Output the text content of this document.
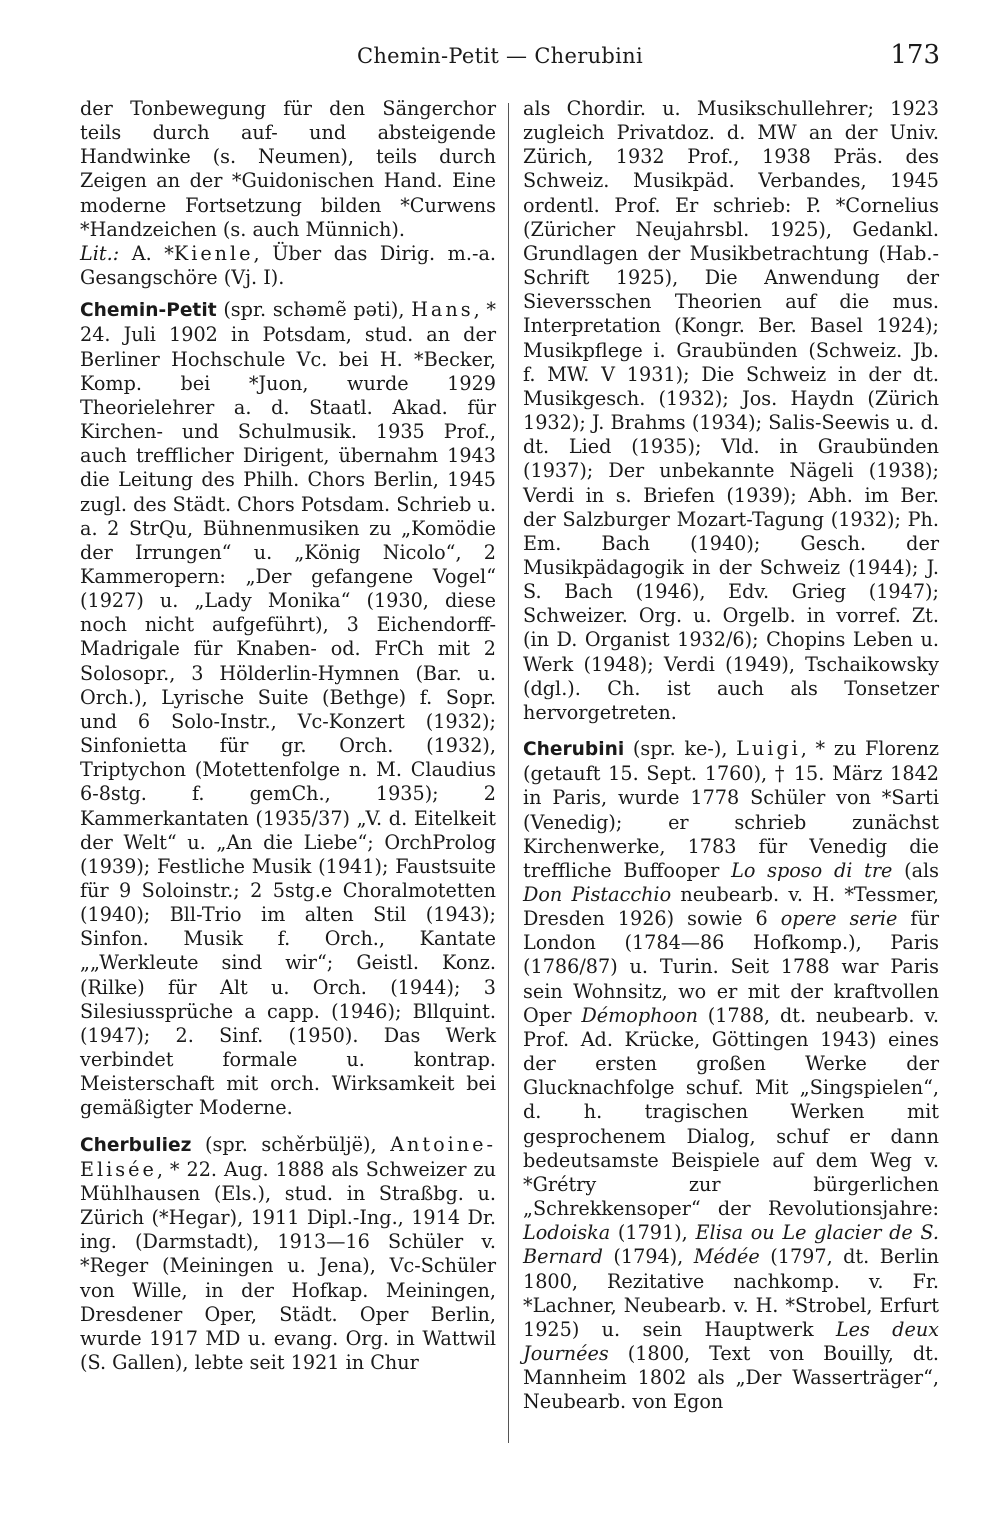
Chemin-Petit — Cherubini	173

der Tonbewegung für den Sängerchor teils durch auf- und absteigende Handwinke (s. Neumen), teils durch Zeigen an der *Guidonischen Hand. Eine moderne Fortsetzung bilden *Curwens *Handzeichen (s. auch Münnich).

Lit.: A. *Kienle, Über das Dirig. m.-a. Gesangschöre (Vj. I).

Chemin-Petit (spr. schəmẽ pəti), Hans, * 24. Juli 1902 in Potsdam, stud. an der Berliner Hochschule Vc. bei H. *Becker, Komp. bei *Juon, wurde 1929 Theorielehrer a. d. Staatl. Akad. für Kirchen- und Schulmusik. 1935 Prof., auch trefflicher Dirigent, übernahm 1943 die Leitung des Philh. Chors Berlin, 1945 zugl. des Städt. Chors Potsdam. Schrieb u. a. 2 StrQu, Bühnenmusiken zu „Komödie der Irrungen“ u. „König Nicolo“, 2 Kammeropern: „Der gefangene Vogel“ (1927) u. „Lady Monika“ (1930, diese noch nicht aufgeführt), 3 Eichendorff-Madrigale für Knaben- od. FrCh mit 2 Solosopr., 3 Hölderlin-Hymnen (Bar. u. Orch.), Lyrische Suite (Bethge) f. Sopr. und 6 Solo-Instr., Vc-Konzert (1932); Sinfonietta für gr. Orch. (1932), Triptychon (Motettenfolge n. M. Claudius 6-8stg. f. gemCh., 1935); 2 Kammerkantaten (1935/37) „V. d. Eitelkeit der Welt“ u. „An die Liebe“; OrchProlog (1939); Festliche Musik (1941); Faustsuite für 9 Soloinstr.; 2 5stg.e Choralmotetten (1940); Bll-Trio im alten Stil (1943); Sinfon. Musik f. Orch., Kantate „„Werkleute sind wir“; Geistl. Konz. (Rilke) für Alt u. Orch. (1944); 3 Silesiussprüche a capp. (1946); Bllquint. (1947); 2. Sinf. (1950). Das Werk verbindet formale u. kontrap. Meisterschaft mit orch. Wirksamkeit bei gemäßigter Moderne.

Cherbuliez (spr. schěrbüljë), Antoine-Elisée, * 22. Aug. 1888 als Schweizer zu Mühlhausen (Els.), stud. in Straßbg. u. Zürich (*Hegar), 1911 Dipl.-Ing., 1914 Dr. ing. (Darmstadt), 1913—16 Schüler v. *Reger (Meiningen u. Jena), Vc-Schüler von Wille, in der Hofkap. Meiningen, Dresdener Oper, Städt. Oper Berlin, wurde 1917 MD u. evang. Org. in Wattwil (S. Gallen), lebte seit 1921 in Chur

als Chordir. u. Musikschullehrer; 1923 zugleich Privatdoz. d. MW an der Univ. Zürich, 1932 Prof., 1938 Präs. des Schweiz. Musikpäd. Verbandes, 1945 ordentl. Prof. Er schrieb: P. *Cornelius (Züricher Neujahrsbl. 1925), Gedankl. Grundlagen der Musikbetrachtung (Hab.-Schrift 1925), Die Anwendung der Sieversschen Theorien auf die mus. Interpretation (Kongr. Ber. Basel 1924); Musikpflege i. Graubünden (Schweiz. Jb. f. MW. V 1931); Die Schweiz in der dt. Musikgesch. (1932); Jos. Haydn (Zürich 1932); J. Brahms (1934); Salis-Seewis u. d. dt. Lied (1935); Vld. in Graubünden (1937); Der unbekannte Nägeli (1938); Verdi in s. Briefen (1939); Abh. im Ber. der Salzburger Mozart-Tagung (1932); Ph. Em. Bach (1940); Gesch. der Musikpädagogik in der Schweiz (1944); J. S. Bach (1946), Edv. Grieg (1947); Schweizer. Org. u. Orgelb. in vorref. Zt. (in D. Organist 1932/6); Chopins Leben u. Werk (1948); Verdi (1949), Tschaikowsky (dgl.). Ch. ist auch als Tonsetzer hervorgetreten.

Cherubini (spr. ke-), Luigi, * zu Florenz (getauft 15. Sept. 1760), † 15. März 1842 in Paris, wurde 1778 Schüler von *Sarti (Venedig); er schrieb zunächst Kirchenwerke, 1783 für Venedig die treffliche Buffooper Lo sposo di tre (als Don Pistacchio neubearb. v. H. *Tessmer, Dresden 1926) sowie 6 opere serie für London (1784—86 Hofkomp.), Paris (1786/87) u. Turin. Seit 1788 war Paris sein Wohnsitz, wo er mit der kraftvollen Oper Démophoon (1788, dt. neubearb. v. Prof. Ad. Krücke, Göttingen 1943) eines der ersten großen Werke der Glucknachfolge schuf. Mit „Singspielen“, d. h. tragischen Werken mit gesprochenem Dialog, schuf er dann bedeutsamste Beispiele auf dem Weg v. *Grétry zur bürgerlichen „Schrekkensoper“ der Revolutionsjahre: Lodoiska (1791), Elisa ou Le glacier de S. Bernard (1794), Médée (1797, dt. Berlin 1800, Rezitative nachkomp. v. Fr. *Lachner, Neubearb. v. H. *Strobel, Erfurt 1925) u. sein Hauptwerk Les deux Journées (1800, Text von Bouilly, dt. Mannheim 1802 als „Der Wasserträger“, Neubearb. von Egon
